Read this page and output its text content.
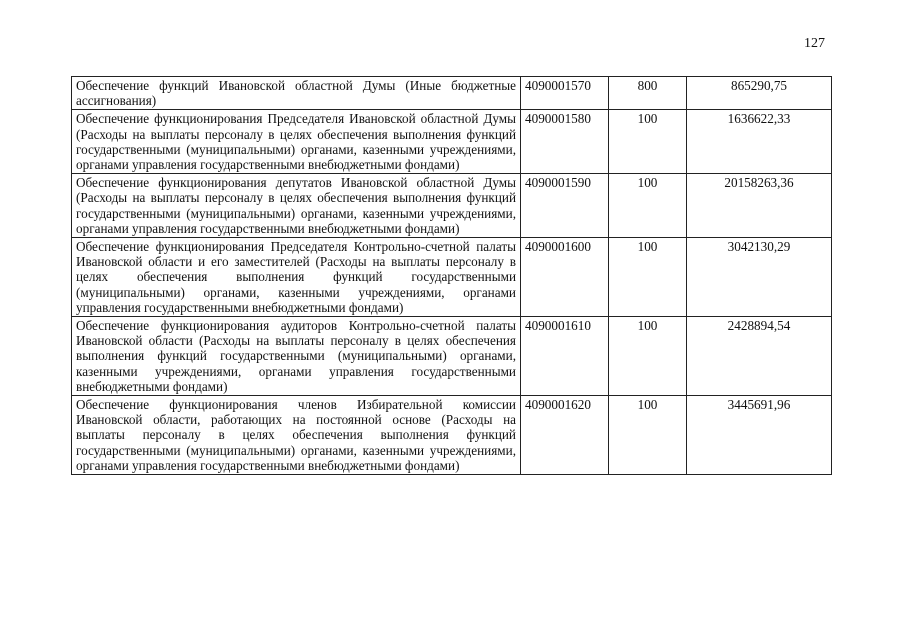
127
Обеспечение функций Ивановской областной Думы (Иные бюджетные ассигнования)	4090001570	800	865290,75
Обеспечение функционирования Председателя Ивановской областной Думы (Расходы на выплаты персоналу в целях обеспечения выполнения функций государственными (муниципальными) органами, казенными учреждениями, органами управления государственными внебюджетными фондами)	4090001580	100	1636622,33
Обеспечение функционирования депутатов Ивановской областной Думы (Расходы на выплаты персоналу в целях обеспечения выполнения функций государственными (муниципальными) органами, казенными учреждениями, органами управления государственными внебюджетными фондами)	4090001590	100	20158263,36
Обеспечение функционирования Председателя Контрольно-счетной палаты Ивановской области и его заместителей (Расходы на выплаты персоналу в целях обеспечения выполнения функций государственными (муниципальными) органами, казенными учреждениями, органами управления государственными внебюджетными фондами)	4090001600	100	3042130,29
Обеспечение функционирования аудиторов Контрольно-счетной палаты Ивановской области (Расходы на выплаты персоналу в целях обеспечения выполнения функций государственными (муниципальными) органами, казенными учреждениями, органами управления государственными внебюджетными фондами)	4090001610	100	2428894,54
Обеспечение функционирования членов Избирательной комиссии Ивановской области, работающих на постоянной основе (Расходы на выплаты персоналу в целях обеспечения выполнения функций государственными (муниципальными) органами, казенными учреждениями, органами управления государственными внебюджетными фондами)	4090001620	100	3445691,96
